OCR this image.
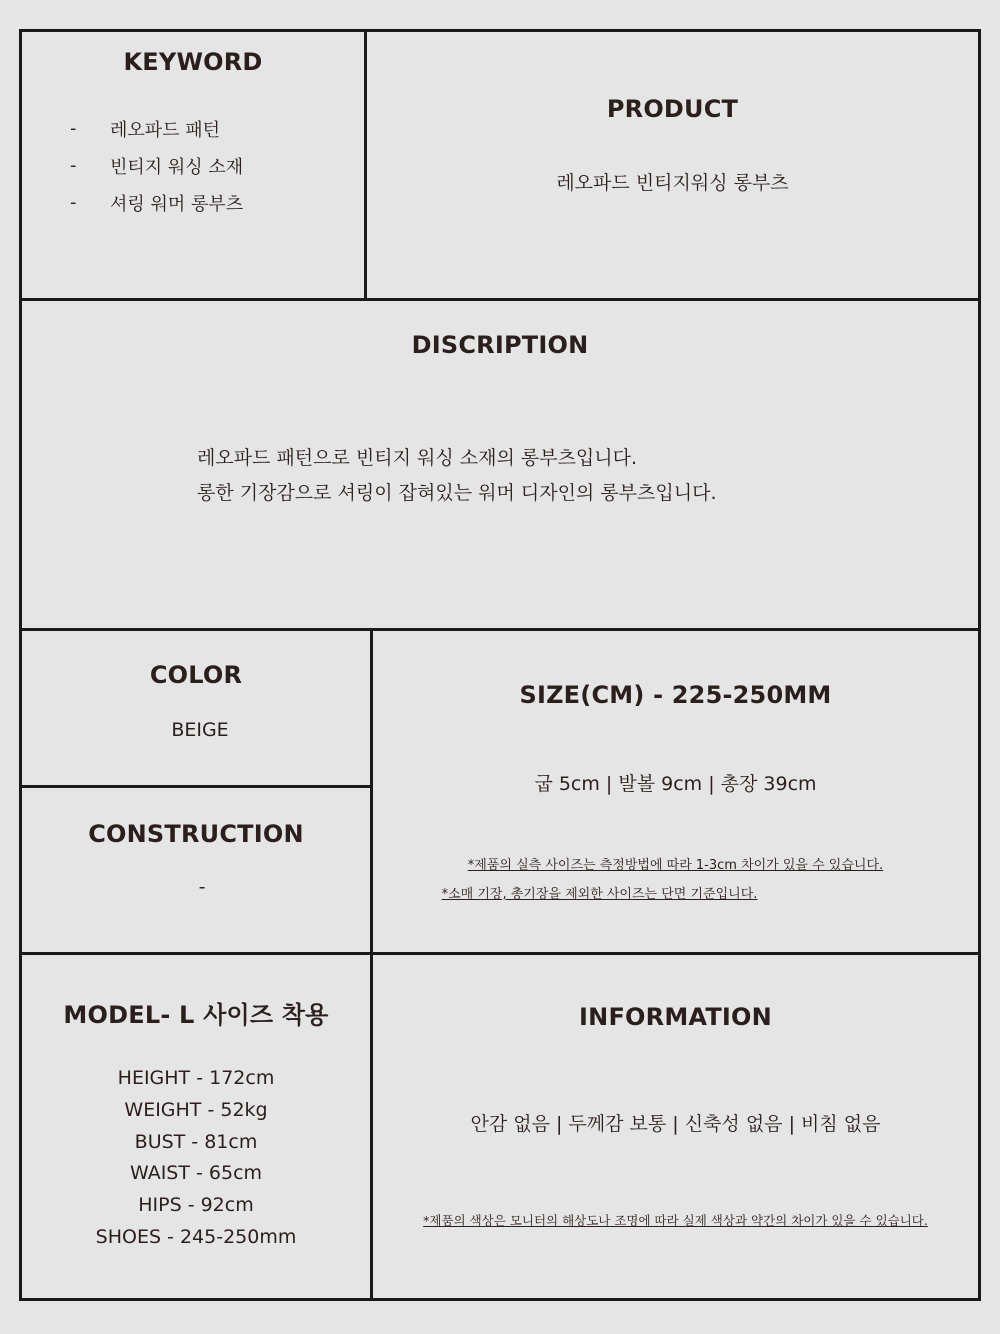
KEYWORD
-	레오파드 패턴
-	빈티지 워싱 소재
-	셔링 워머 롱부츠
PRODUCT
레오파드 빈티지워싱 롱부츠
DISCRIPTION
레오파드 패턴으로 빈티지 워싱 소재의 롱부츠입니다.
롱한 기장감으로 셔링이 잡혀있는 워머 디자인의 롱부츠입니다.
COLOR
BEIGE
CONSTRUCTION
-
SIZE(CM) - 225-250MM
굽 5cm | 발볼 9cm | 총장 39cm
*제품의 실측 사이즈는 측정방법에 따라 1-3cm 차이가 있을 수 있습니다.
*소매 기장, 총기장을 제외한 사이즈는 단면 기준입니다.
MODEL- L 사이즈 착용
HEIGHT - 172cm
WEIGHT - 52kg
BUST - 81cm
WAIST - 65cm
HIPS - 92cm
SHOES - 245-250mm
INFORMATION
안감 없음 | 두께감 보통 | 신축성 없음 | 비침 없음
*제품의 색상은 모니터의 해상도나 조명에 따라 실제 색상과 약간의 차이가 있을 수 있습니다.
